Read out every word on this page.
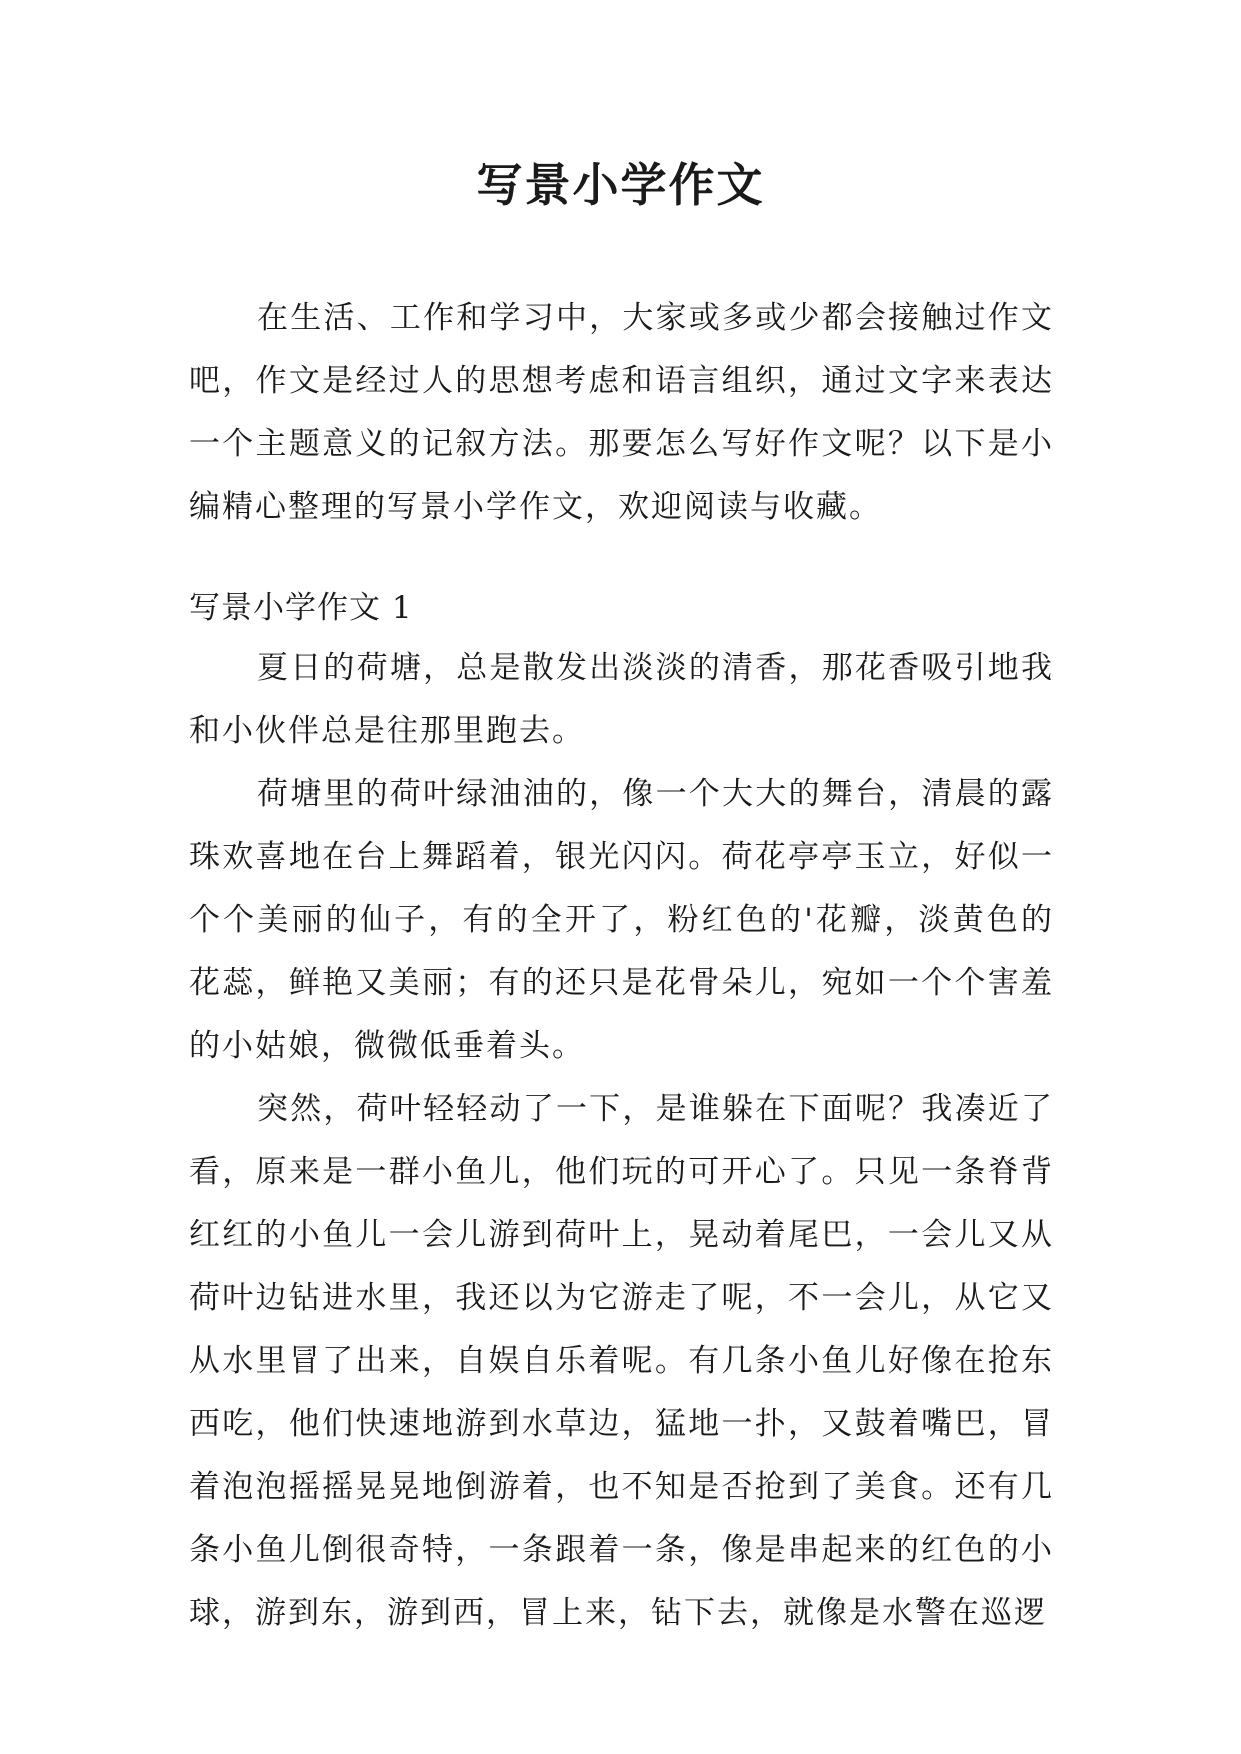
写景小学作文

在生活、工作和学习中，大家或多或少都会接触过作文吧，作文是经过人的思想考虑和语言组织，通过文字来表达一个主题意义的记叙方法。那要怎么写好作文呢？以下是小编精心整理的写景小学作文，欢迎阅读与收藏。

写景小学作文 1

夏日的荷塘，总是散发出淡淡的清香，那花香吸引地我和小伙伴总是往那里跑去。

荷塘里的荷叶绿油油的，像一个大大的舞台，清晨的露珠欢喜地在台上舞蹈着，银光闪闪。荷花亭亭玉立，好似一个个美丽的仙子，有的全开了，粉红色的'花瓣，淡黄色的花蕊，鲜艳又美丽；有的还只是花骨朵儿，宛如一个个害羞的小姑娘，微微低垂着头。

突然，荷叶轻轻动了一下，是谁躲在下面呢？我凑近了看，原来是一群小鱼儿，他们玩的可开心了。只见一条脊背红红的小鱼儿一会儿游到荷叶上，晃动着尾巴，一会儿又从荷叶边钻进水里，我还以为它游走了呢，不一会儿，从它又从水里冒了出来，自娱自乐着呢。有几条小鱼儿好像在抢东西吃，他们快速地游到水草边，猛地一扑，又鼓着嘴巴，冒着泡泡摇摇晃晃地倒游着，也不知是否抢到了美食。还有几条小鱼儿倒很奇特，一条跟着一条，像是串起来的红色的小球，游到东，游到西，冒上来，钻下去，就像是水警在巡逻
